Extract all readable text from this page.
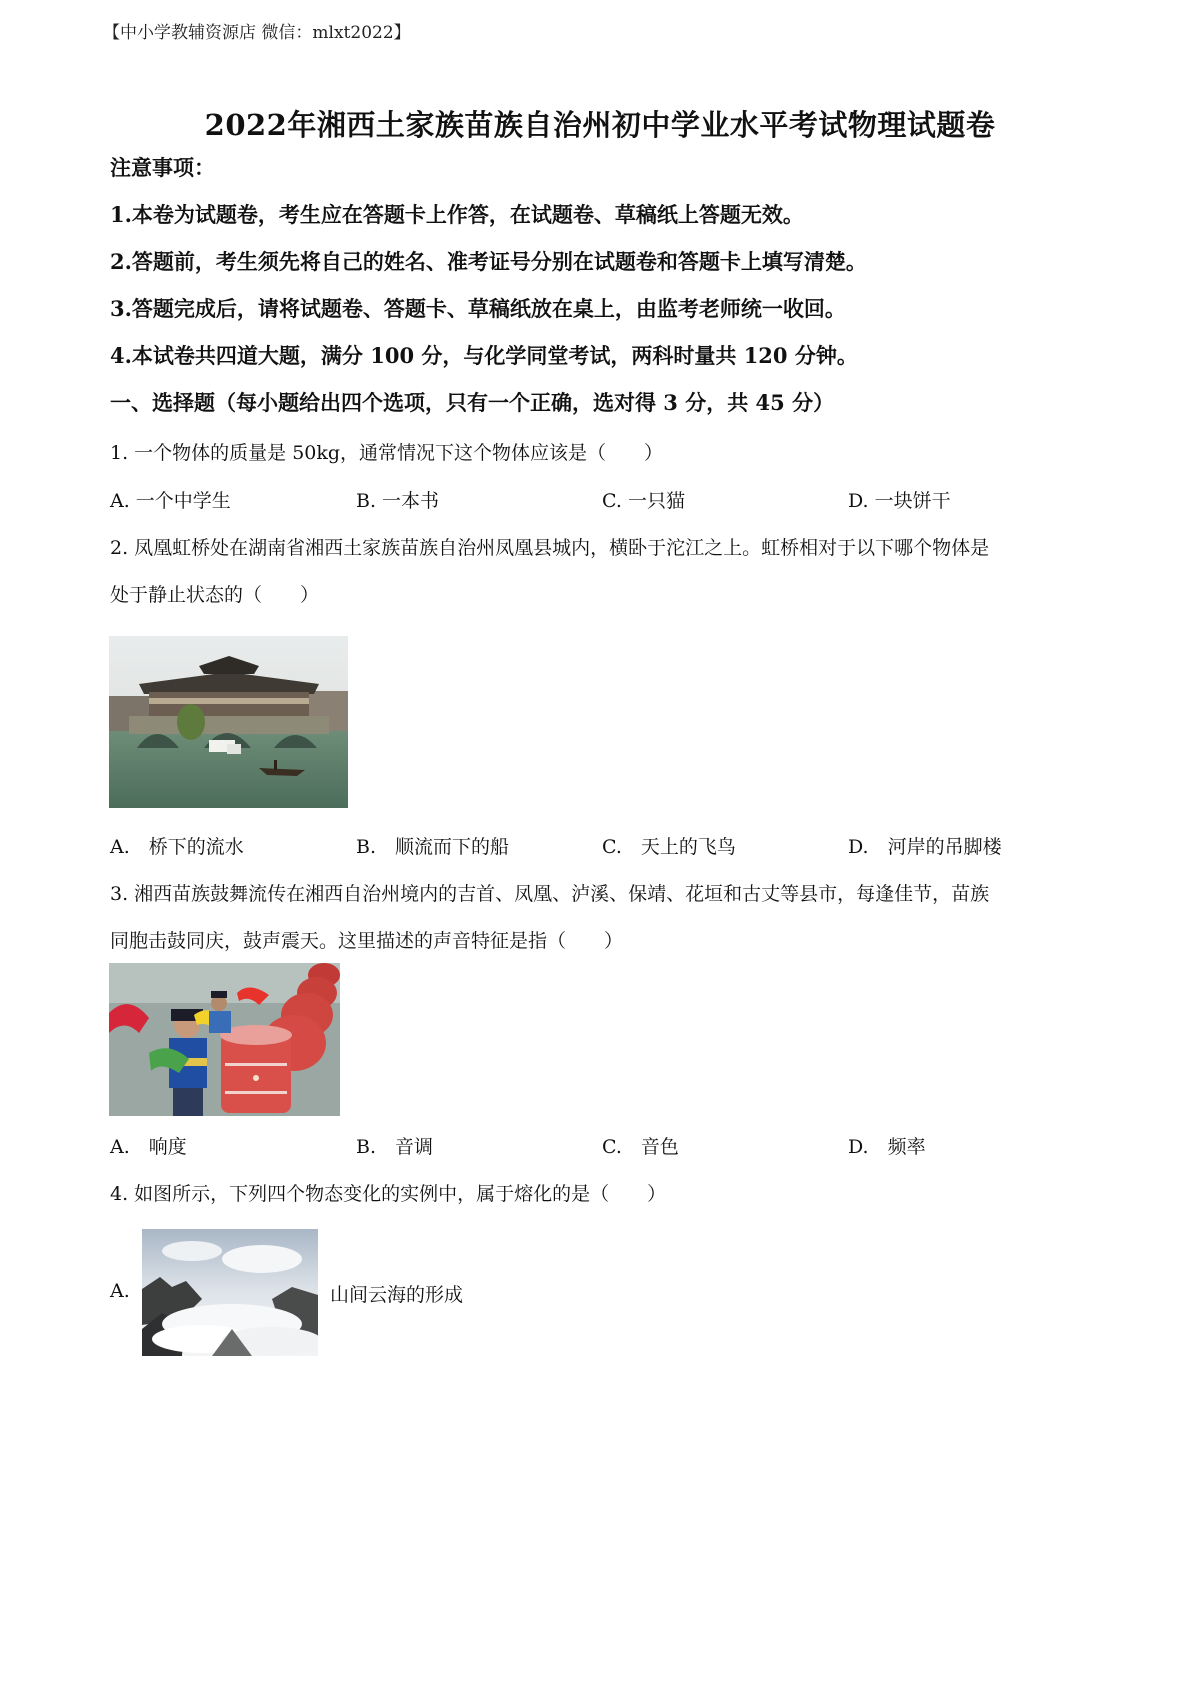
【中小学教辅资源店 微信：mlxt2022】
2022年湘西土家族苗族自治州初中学业水平考试物理试题卷
注意事项：
1.本卷为试题卷，考生应在答题卡上作答，在试题卷、草稿纸上答题无效。
2.答题前，考生须先将自己的姓名、准考证号分别在试题卷和答题卡上填写清楚。
3.答题完成后，请将试题卷、答题卡、草稿纸放在桌上，由监考老师统一收回。
4.本试卷共四道大题，满分 100 分，与化学同堂考试，两科时量共 120 分钟。
一、选择题（每小题给出四个选项，只有一个正确，选对得 3 分，共 45 分）
1. 一个物体的质量是 50kg，通常情况下这个物体应该是（　　）
A. 一个中学生	B. 一本书	C. 一只猫	D. 一块饼干
2. 凤凰虹桥处在湖南省湘西土家族苗族自治州凤凰县城内，横卧于沱江之上。虹桥相对于以下哪个物体是
处于静止状态的（　　）
A.　桥下的流水	B.　顺流而下的船	C.　天上的飞鸟	D.　河岸的吊脚楼
3. 湘西苗族鼓舞流传在湘西自治州境内的吉首、凤凰、泸溪、保靖、花垣和古丈等县市，每逢佳节，苗族
同胞击鼓同庆，鼓声震天。这里描述的声音特征是指（　　）
A.　响度	B.　音调	C.　音色	D.　频率
4. 如图所示，下列四个物态变化的实例中，属于熔化的是（　　）
A.	山间云海的形成
